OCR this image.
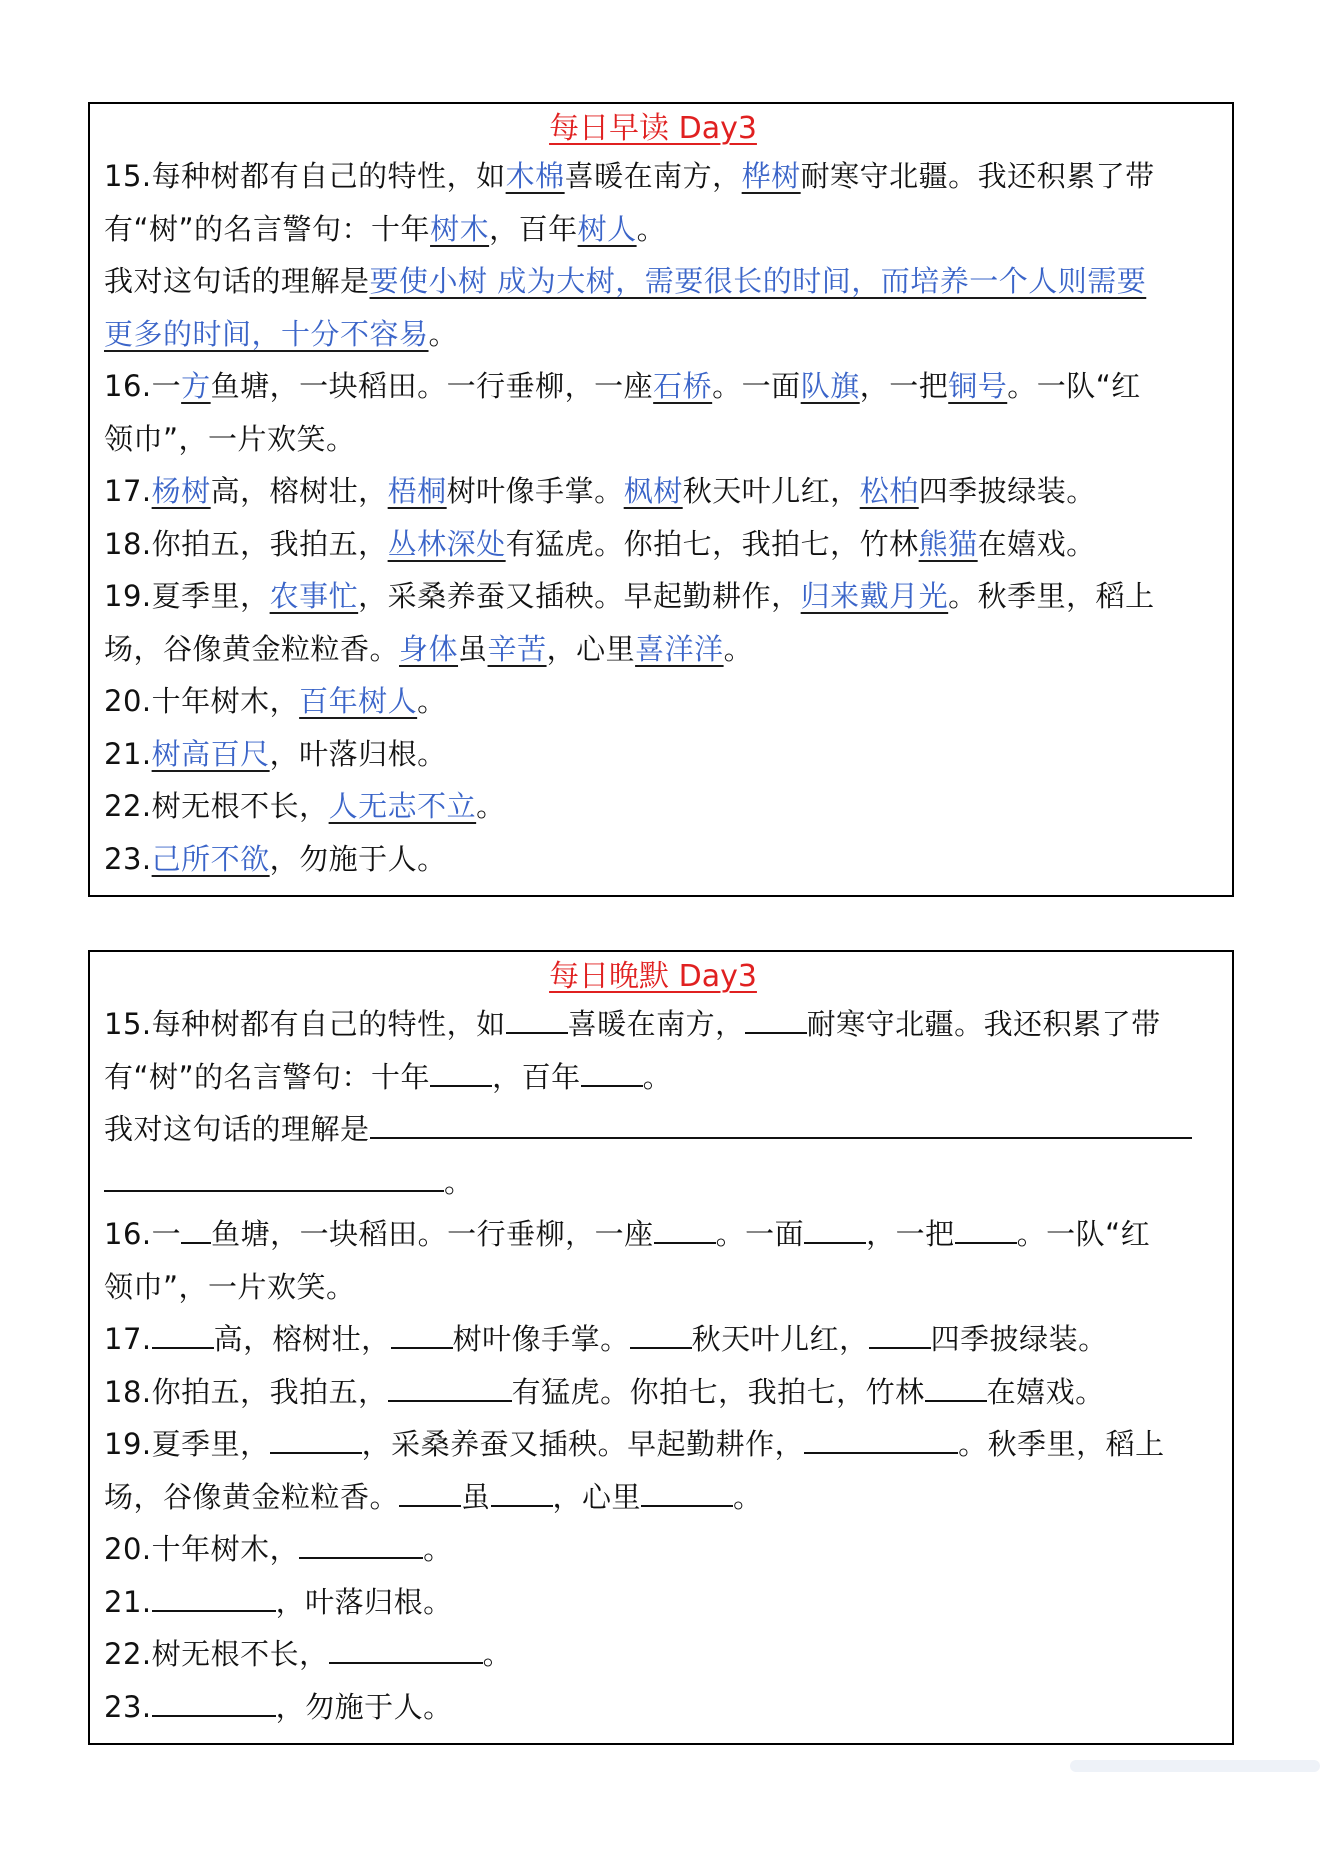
每日早读 Day3
15.每种树都有自己的特性，如木棉喜暖在南方，桦树耐寒守北疆。我还积累了带
有“树”的名言警句：十年树木，百年树人。
我对这句话的理解是要使小树 成为大树，需要很长的时间，而培养一个人则需要
更多的时间，十分不容易。
16.一方鱼塘，一块稻田。一行垂柳，一座石桥。一面队旗，一把铜号。一队“红
领巾”，一片欢笑。
17.杨树高，榕树壮，梧桐树叶像手掌。枫树秋天叶儿红，松柏四季披绿装。
18.你拍五，我拍五，丛林深处有猛虎。你拍七，我拍七，竹林熊猫在嬉戏。
19.夏季里，农事忙，采桑养蚕又插秧。早起勤耕作，归来戴月光。秋季里，稻上
场，谷像黄金粒粒香。身体虽辛苦，心里喜洋洋。
20.十年树木，百年树人。
21.树高百尺，叶落归根。
22.树无根不长，人无志不立。
23.己所不欲，勿施于人。
每日晚默 Day3
15.每种树都有自己的特性，如 喜暖在南方， 耐寒守北疆。我还积累了带
有“树”的名言警句：十年 ，百年 。
我对这句话的理解是
。
16.一 鱼塘，一块稻田。一行垂柳，一座 。一面 ，一把 。一队“红
领巾”，一片欢笑。
17. 高，榕树壮， 树叶像手掌。 秋天叶儿红， 四季披绿装。
18.你拍五，我拍五，	有猛虎。你拍七，我拍七，竹林 在嬉戏。
19.夏季里，	，采桑养蚕又插秧。早起勤耕作，	。秋季里，稻上
场，谷像黄金粒粒香。 虽 ，心里	。
20.十年树木，	。
21.	，叶落归根。
22.树无根不长，	。
23.	，勿施于人。
